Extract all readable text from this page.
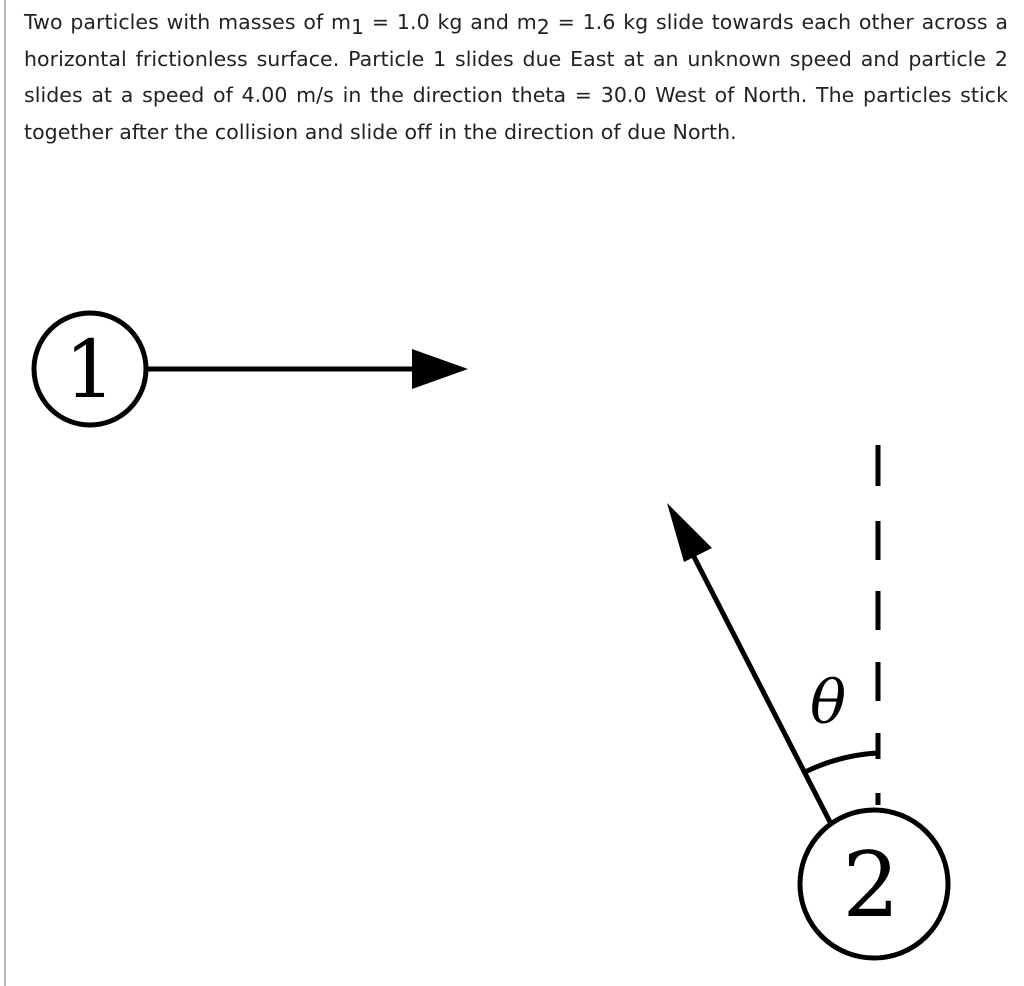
Two particles with masses of $m_1 = 1.0$ kg and $m_2 = 1.6$ kg slide towards each other across a horizontal frictionless surface. Particle 1 slides due East at an unknown speed and particle 2 slides at a speed of 4.00 m/s in the direction theta = 30.0 West of North. The particles stick together after the collision and slide off in the direction of due North.
1
θ
2
